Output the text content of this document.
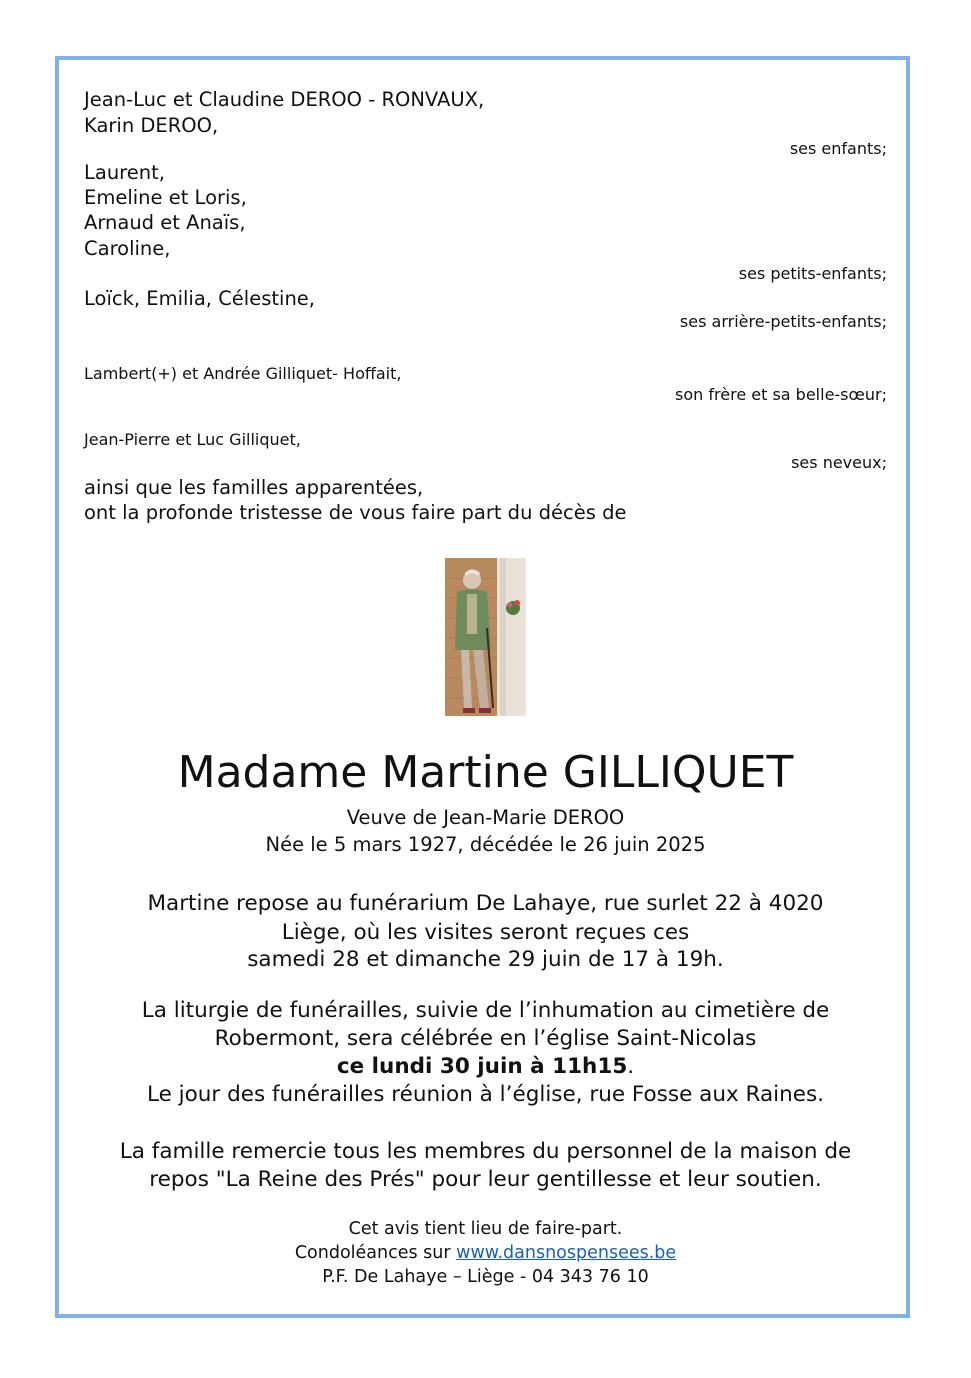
Jean-Luc et Claudine DEROO - RONVAUX,
Karin DEROO,
ses enfants;
Laurent,
Emeline et Loris,
Arnaud et Anaïs,
Caroline,
ses petits-enfants;
Loïck, Emilia, Célestine,
ses arrière-petits-enfants;
Lambert(+) et Andrée Gilliquet- Hoffait,
son frère et sa belle-sœur;
Jean-Pierre et Luc Gilliquet,
ses neveux;
ainsi que les familles apparentées,
ont la profonde tristesse de vous faire part du décès de
Madame Martine GILLIQUET
Veuve de Jean-Marie DEROO
Née le 5 mars 1927, décédée le 26 juin 2025
Martine repose au funérarium De Lahaye, rue surlet 22 à 4020
Liège, où les visites seront reçues ces
samedi 28 et dimanche 29 juin de 17 à 19h.
La liturgie de funérailles, suivie de l’inhumation au cimetière de
Robermont, sera célébrée en l’église Saint-Nicolas
ce lundi 30 juin à 11h15.
Le jour des funérailles réunion à l’église, rue Fosse aux Raines.
La famille remercie tous les membres du personnel de la maison de
repos "La Reine des Prés" pour leur gentillesse et leur soutien.
Cet avis tient lieu de faire-part.
Condoléances sur www.dansnospensees.be
P.F. De Lahaye – Liège - 04 343 76 10
